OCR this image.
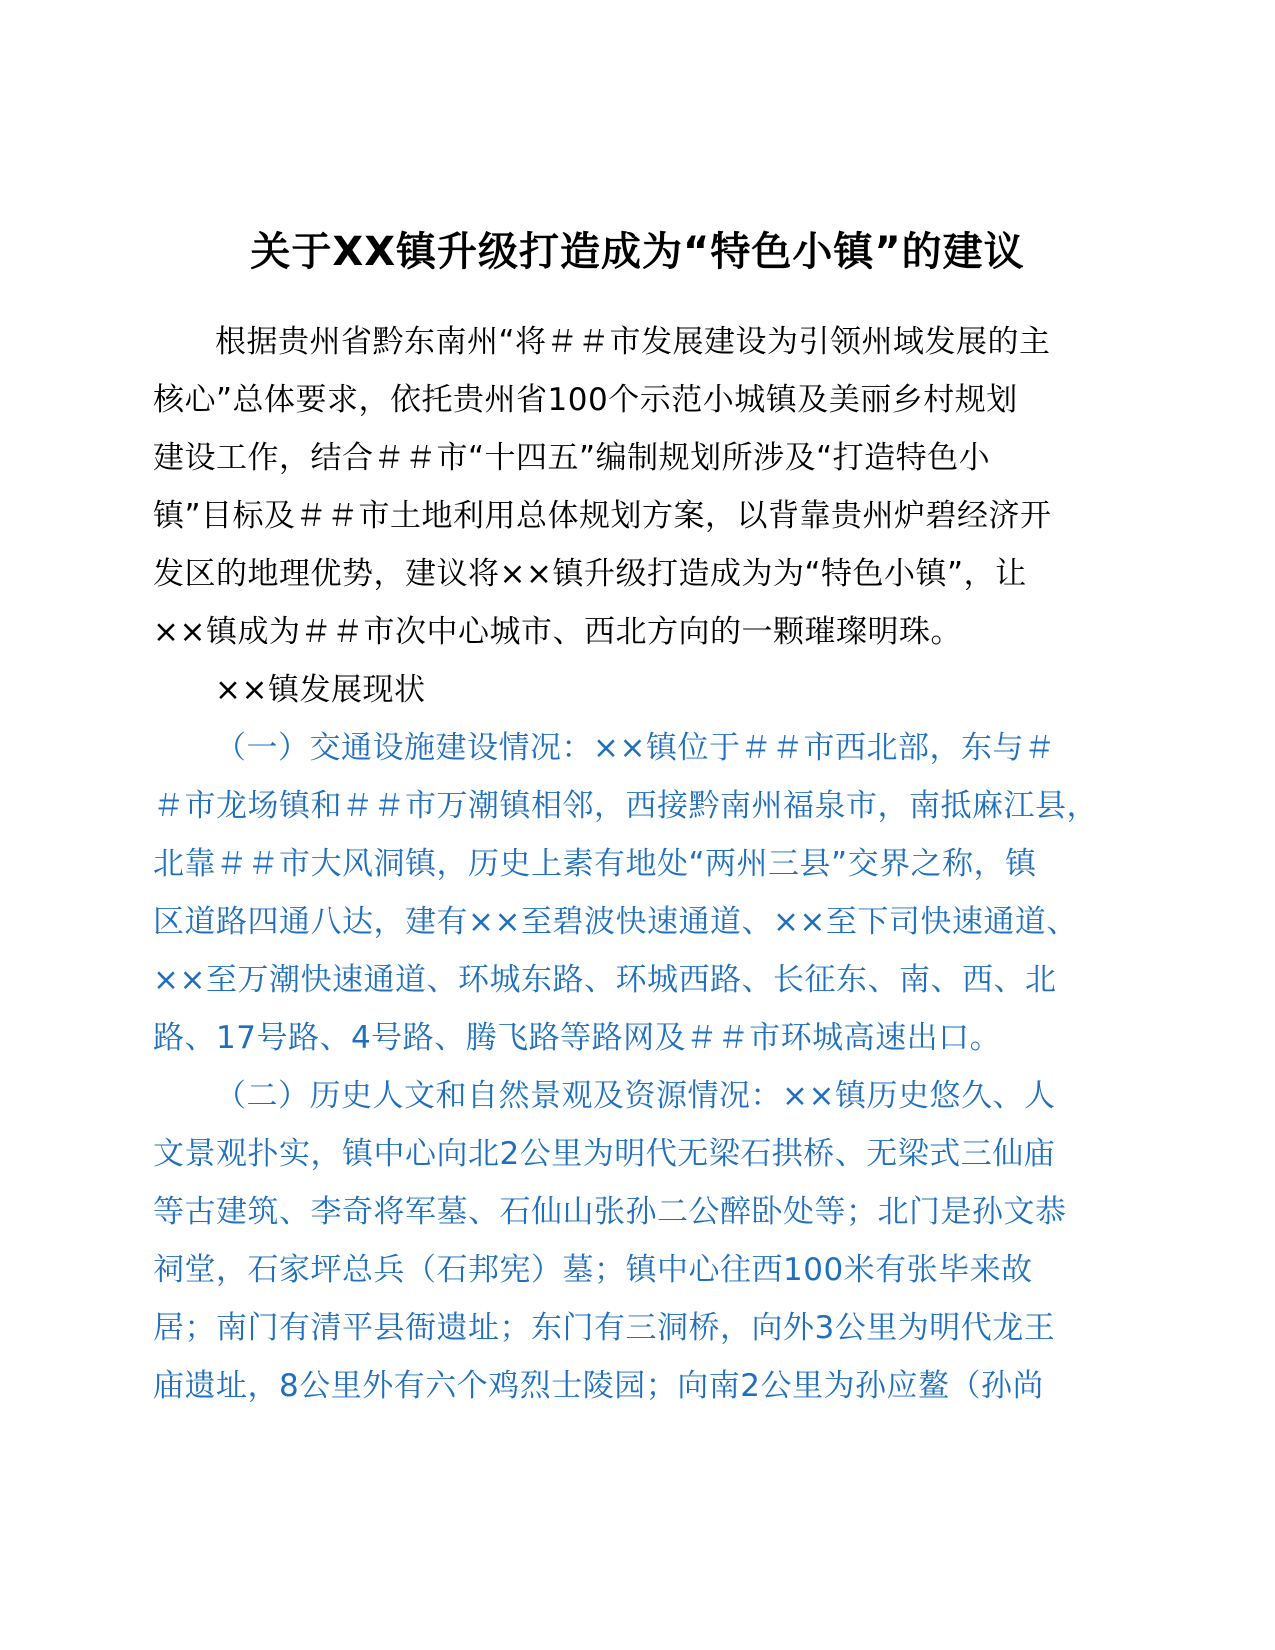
关于XX镇升级打造成为“特色小镇”的建议

根据贵州省黔东南州“将＃＃市发展建设为引领州域发展的主
核心”总体要求，依托贵州省100个示范小城镇及美丽乡村规划
建设工作，结合＃＃市“十四五”编制规划所涉及“打造特色小
镇”目标及＃＃市土地利用总体规划方案，以背靠贵州炉碧经济开
发区的地理优势，建议将××镇升级打造成为为“特色小镇”，让
××镇成为＃＃市次中心城市、西北方向的一颗璀璨明珠。

××镇发展现状

（一）交通设施建设情况：××镇位于＃＃市西北部，东与＃
＃市龙场镇和＃＃市万潮镇相邻，西接黔南州福泉市，南抵麻江县，
北靠＃＃市大风洞镇，历史上素有地处“两州三县”交界之称，镇
区道路四通八达，建有××至碧波快速通道、××至下司快速通道、
××至万潮快速通道、环城东路、环城西路、长征东、南、西、北
路、17号路、4号路、腾飞路等路网及＃＃市环城高速出口。

（二）历史人文和自然景观及资源情况：××镇历史悠久、人
文景观扑实，镇中心向北2公里为明代无梁石拱桥、无梁式三仙庙
等古建筑、李奇将军墓、石仙山张孙二公醉卧处等；北门是孙文恭
祠堂，石家坪总兵（石邦宪）墓；镇中心往西100米有张毕来故
居；南门有清平县衙遗址；东门有三洞桥，向外3公里为明代龙王
庙遗址，8公里外有六个鸡烈士陵园；向南2公里为孙应鳌（孙尚
